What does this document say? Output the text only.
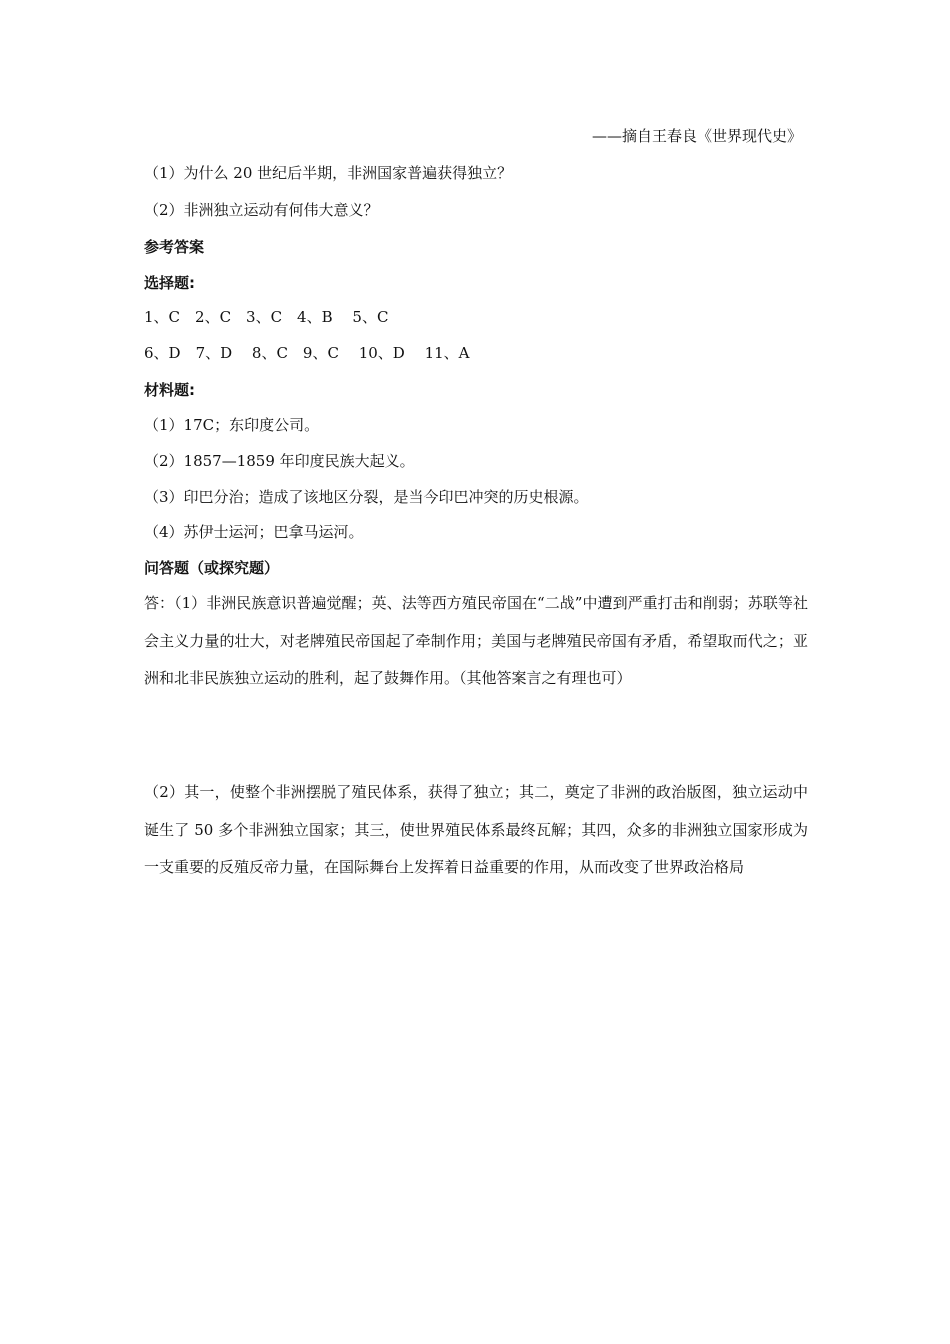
——摘自王春良《世界现代史》
（1）为什么 20 世纪后半期，非洲国家普遍获得独立？
（2）非洲独立运动有何伟大意义？
参考答案
选择题:
1、C　2、C　3、C　4、B　 5、C
6、D　7、D　 8、C　9、C　 10、D　 11、A
材料题:
（1）17C；东印度公司。
（2）1857—1859 年印度民族大起义。
（3）印巴分治；造成了该地区分裂，是当今印巴冲突的历史根源。
（4）苏伊士运河；巴拿马运河。
问答题（或探究题）
答：（1）非洲民族意识普遍觉醒；英、法等西方殖民帝国在“二战”中遭到严重打击和削弱；苏联等社会主义力量的壮大，对老牌殖民帝国起了牵制作用；美国与老牌殖民帝国有矛盾，希望取而代之；亚洲和北非民族独立运动的胜利，起了鼓舞作用。（其他答案言之有理也可）
（2）其一，使整个非洲摆脱了殖民体系，获得了独立；其二，奠定了非洲的政治版图，独立运动中诞生了 50 多个非洲独立国家；其三，使世界殖民体系最终瓦解；其四，众多的非洲独立国家形成为一支重要的反殖反帝力量，在国际舞台上发挥着日益重要的作用，从而改变了世界政治格局
